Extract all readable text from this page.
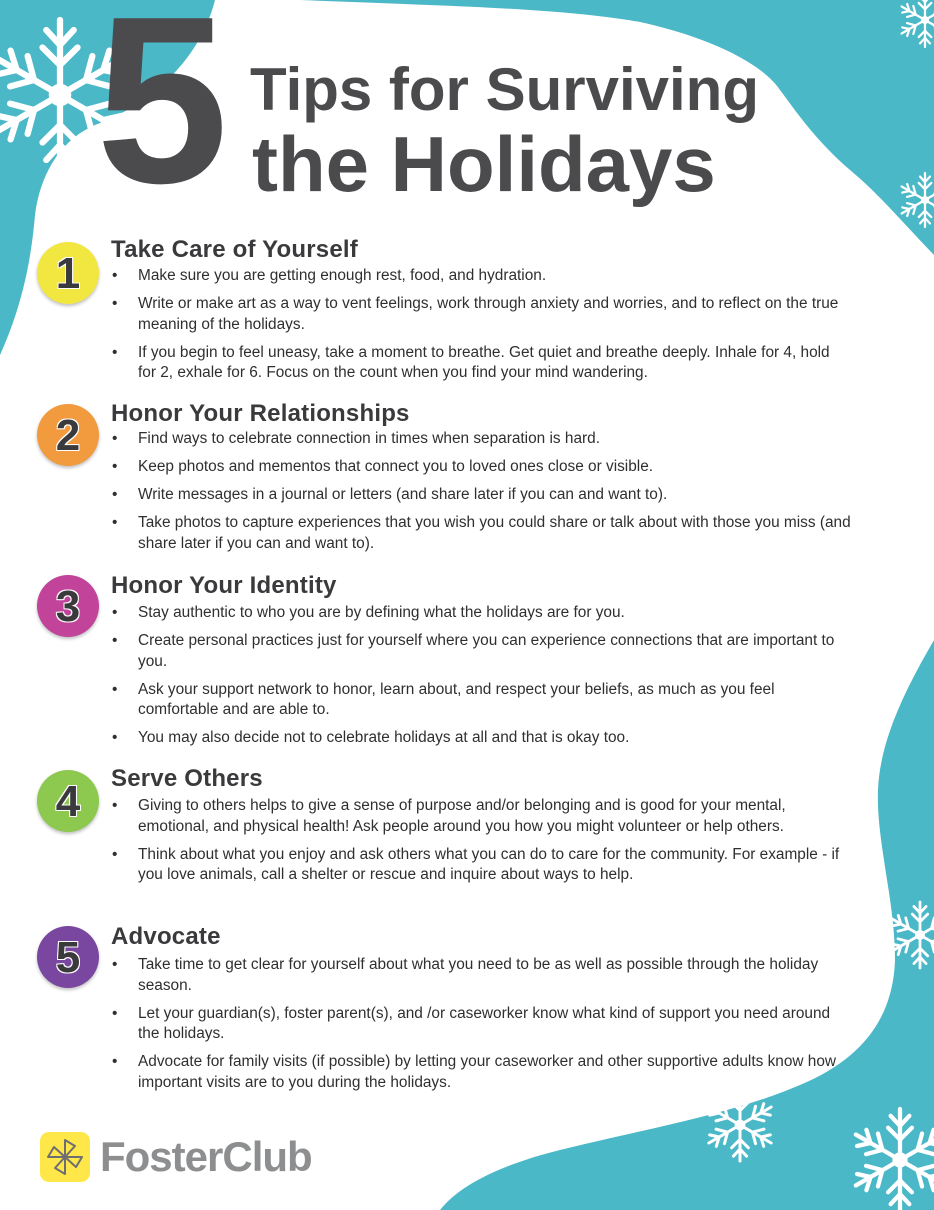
5 Tips for Surviving
the Holidays
1 Take Care of Yourself
• Make sure you are getting enough rest, food, and hydration.
• Write or make art as a way to vent feelings, work through anxiety and worries, and to reflect on the true meaning of the holidays.
• If you begin to feel uneasy, take a moment to breathe. Get quiet and breathe deeply. Inhale for 4, hold for 2, exhale for 6. Focus on the count when you find your mind wandering.
2 Honor Your Relationships
• Find ways to celebrate connection in times when separation is hard.
• Keep photos and mementos that connect you to loved ones close or visible.
• Write messages in a journal or letters (and share later if you can and want to).
• Take photos to capture experiences that you wish you could share or talk about with those you miss (and share later if you can and want to).
3 Honor Your Identity
• Stay authentic to who you are by defining what the holidays are for you.
• Create personal practices just for yourself where you can experience connections that are important to you.
• Ask your support network to honor, learn about, and respect your beliefs, as much as you feel comfortable and are able to.
• You may also decide not to celebrate holidays at all and that is okay too.
4 Serve Others
• Giving to others helps to give a sense of purpose and/or belonging and is good for your mental, emotional, and physical health! Ask people around you how you might volunteer or help others.
• Think about what you enjoy and ask others what you can do to care for the community. For example - if you love animals, call a shelter or rescue and inquire about ways to help.
5 Advocate
• Take time to get clear for yourself about what you need to be as well as possible through the holiday season.
• Let your guardian(s), foster parent(s), and /or caseworker know what kind of support you need around the holidays.
• Advocate for family visits (if possible) by letting your caseworker and other supportive adults know how important visits are to you during the holidays.
FosterClub
